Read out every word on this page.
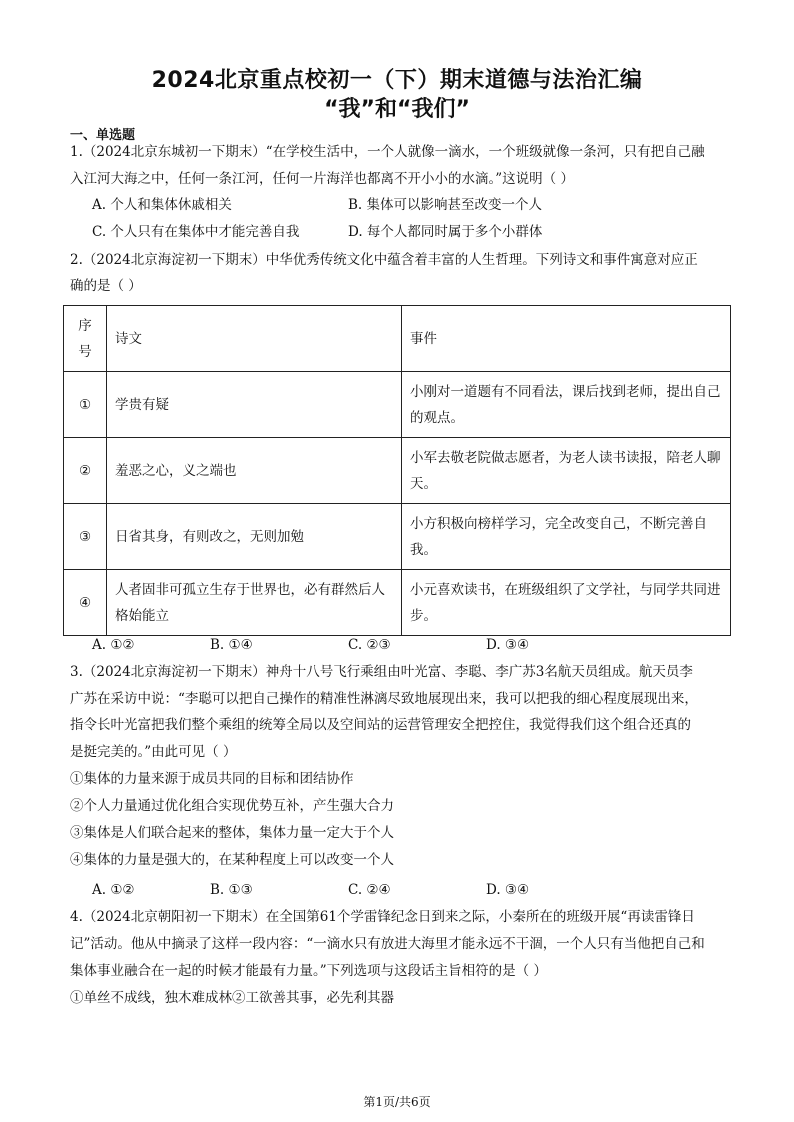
2024北京重点校初一（下）期末道德与法治汇编
“我”和“我们”
一、单选题
1.（2024北京东城初一下期末）“在学校生活中，一个人就像一滴水，一个班级就像一条河，只有把自己融
入江河大海之中，任何一条江河，任何一片海洋也都离不开小小的水滴。”这说明（ ）
A. 个人和集体休戚相关	B. 集体可以影响甚至改变一个人
C. 个人只有在集体中才能完善自我	D. 每个人都同时属于多个小群体
2.（2024北京海淀初一下期末）中华优秀传统文化中蕴含着丰富的人生哲理。下列诗文和事件寓意对应正
确的是（ ）
序号	诗文	事件
①	学贵有疑	小刚对一道题有不同看法，课后找到老师，提出自己的观点。
②	羞恶之心，义之端也	小军去敬老院做志愿者，为老人读书读报，陪老人聊天。
③	日省其身，有则改之，无则加勉	小方积极向榜样学习，完全改变自己，不断完善自我。
④	人者固非可孤立生存于世界也，必有群然后人格始能立	小元喜欢读书，在班级组织了文学社，与同学共同进步。
A. ①②	B. ①④	C. ②③	D. ③④
3.（2024北京海淀初一下期末）神舟十八号飞行乘组由叶光富、李聪、李广苏3名航天员组成。航天员李
广苏在采访中说：“李聪可以把自己操作的精准性淋漓尽致地展现出来，我可以把我的细心程度展现出来，
指令长叶光富把我们整个乘组的统筹全局以及空间站的运营管理安全把控住，我觉得我们这个组合还真的
是挺完美的。”由此可见（ ）
①集体的力量来源于成员共同的目标和团结协作
②个人力量通过优化组合实现优势互补，产生强大合力
③集体是人们联合起来的整体，集体力量一定大于个人
④集体的力量是强大的，在某种程度上可以改变一个人
A. ①②	B. ①③	C. ②④	D. ③④
4.（2024北京朝阳初一下期末）在全国第61个学雷锋纪念日到来之际，小秦所在的班级开展“再读雷锋日
记”活动。他从中摘录了这样一段内容：“一滴水只有放进大海里才能永远不干涸，一个人只有当他把自己和
集体事业融合在一起的时候才能最有力量。”下列选项与这段话主旨相符的是（ ）
①单丝不成线，独木难成林②工欲善其事，必先利其器
第1页/共6页
